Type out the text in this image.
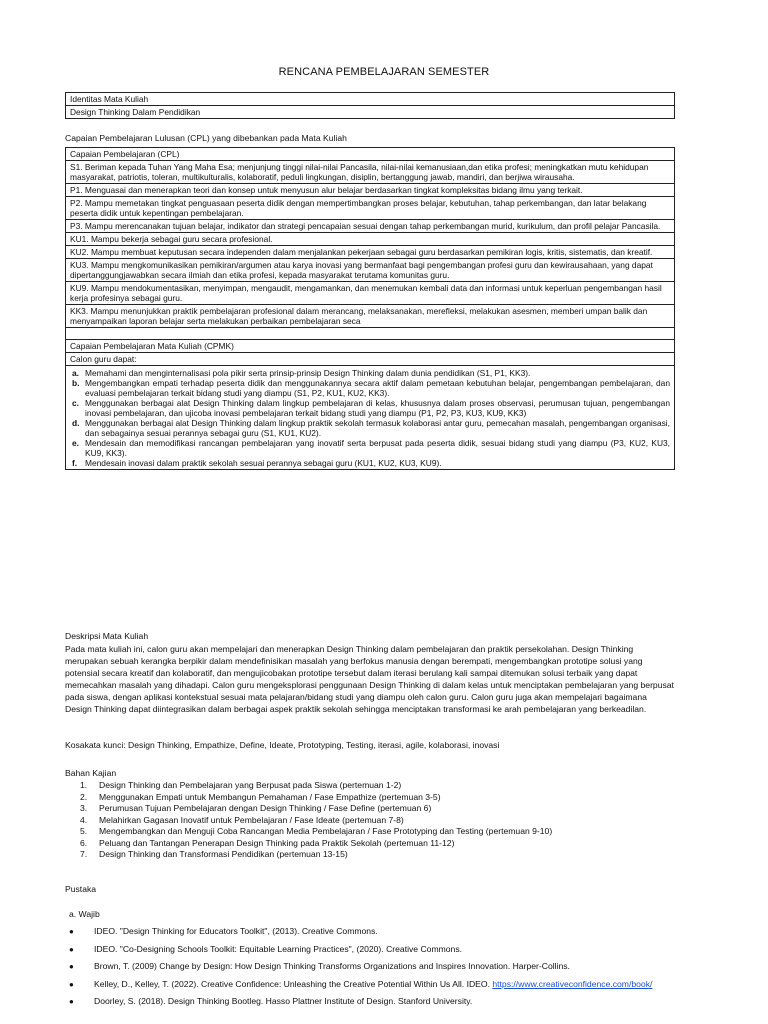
RENCANA PEMBELAJARAN SEMESTER
Identitas Mata Kuliah
Design Thinking Dalam Pendidikan
Capaian Pembelajaran Lulusan (CPL) yang dibebankan pada Mata Kuliah
Capaian Pembelajaran (CPL)
S1. Beriman kepada Tuhan Yang Maha Esa; menjunjung tinggi nilai-nilai Pancasila, nilai-nilai kemanusiaan,dan etika profesi; meningkatkan mutu kehidupan masyarakat, patriotis, toleran, multikulturalis, kolaboratif, peduli lingkungan, disiplin, bertanggung jawab, mandiri, dan berjiwa wirausaha.
P1. Menguasai dan menerapkan teori dan konsep untuk menyusun alur belajar berdasarkan tingkat kompleksitas bidang ilmu yang terkait.
P2. Mampu memetakan tingkat penguasaan peserta didik dengan mempertimbangkan proses belajar, kebutuhan, tahap perkembangan, dan latar belakang peserta didik untuk kepentingan pembelajaran.
P3. Mampu merencanakan tujuan belajar, indikator dan strategi pencapaian sesuai dengan tahap perkembangan murid, kurikulum, dan profil pelajar Pancasila.
KU1. Mampu bekerja sebagai guru secara profesional.
KU2. Mampu membuat keputusan secara independen dalam menjalankan pekerjaan sebagai guru berdasarkan pemikiran logis, kritis, sistematis, dan kreatif.
KU3. Mampu mengkomunikasikan pemikiran/argumen atau karya inovasi yang bermanfaat bagi pengembangan profesi guru dan kewirausahaan, yang dapat dipertanggungjawabkan secara ilmiah dan etika profesi, kepada masyarakat terutama komunitas guru.
KU9. Mampu mendokumentasikan, menyimpan, mengaudit, mengamankan, dan menemukan kembali data dan informasi untuk keperluan pengembangan hasil kerja profesinya sebagai guru.
KK3. Mampu menunjukkan praktik pembelajaran profesional dalam merancang, melaksanakan, merefleksi, melakukan asesmen, memberi umpan balik dan menyampaikan laporan belajar serta melakukan perbaikan pembelajaran seca
Capaian Pembelajaran Mata Kuliah (CPMK)
Calon guru dapat:
a. Memahami dan menginternalisasi pola pikir serta prinsip-prinsip Design Thinking dalam dunia pendidikan (S1, P1, KK3).
b. Mengembangkan empati terhadap peserta didik dan menggunakannya secara aktif dalam pemetaan kebutuhan belajar, pengembangan pembelajaran, dan evaluasi pembelajaran terkait bidang studi yang diampu (S1, P2, KU1, KU2, KK3).
c. Menggunakan berbagai alat Design Thinking dalam lingkup pembelajaran di kelas, khususnya dalam proses observasi, perumusan tujuan, pengembangan inovasi pembelajaran, dan ujicoba inovasi pembelajaran terkait bidang studi yang diampu (P1, P2, P3, KU3, KU9, KK3)
d. Menggunakan berbagai alat Design Thinking dalam lingkup praktik sekolah termasuk kolaborasi antar guru, pemecahan masalah, pengembangan organisasi, dan sebagainya sesuai perannya sebagai guru (S1, KU1, KU2).
e. Mendesain dan memodifikasi rancangan pembelajaran yang inovatif serta berpusat pada peserta didik, sesuai bidang studi yang diampu (P3, KU2, KU3, KU9, KK3).
f. Mendesain inovasi dalam praktik sekolah sesuai perannya sebagai guru (KU1, KU2, KU3, KU9).
Deskripsi Mata Kuliah
Pada mata kuliah ini, calon guru akan mempelajari dan menerapkan Design Thinking dalam pembelajaran dan praktik persekolahan. Design Thinking merupakan sebuah kerangka berpikir dalam mendefinisikan masalah yang berfokus manusia dengan berempati, mengembangkan prototipe solusi yang potensial secara kreatif dan kolaboratif, dan mengujicobakan prototipe tersebut dalam iterasi berulang kali sampai ditemukan solusi terbaik yang dapat memecahkan masalah yang dihadapi. Calon guru mengeksplorasi penggunaan Design Thinking di dalam kelas untuk menciptakan pembelajaran yang berpusat pada siswa, dengan aplikasi kontekstual sesuai mata pelajaran/bidang studi yang diampu oleh calon guru. Calon guru juga akan mempelajari bagaimana Design Thinking dapat diintegrasikan dalam berbagai aspek praktik sekolah sehingga menciptakan transformasi ke arah pembelajaran yang berkeadilan.
Kosakata kunci: Design Thinking, Empathize, Define, Ideate, Prototyping, Testing, iterasi, agile, kolaborasi, inovasi
Bahan Kajian
1.	Design Thinking dan Pembelajaran yang Berpusat pada Siswa (pertemuan 1-2)
2.	Menggunakan Empati untuk Membangun Pemahaman / Fase Empathize (pertemuan 3-5)
3.	Perumusan Tujuan Pembelajaran dengan Design Thinking / Fase Define (pertemuan 6)
4.	Melahirkan Gagasan Inovatif untuk Pembelajaran / Fase Ideate (pertemuan 7-8)
5.	Mengembangkan dan Menguji Coba Rancangan Media Pembelajaran / Fase Prototyping dan Testing (pertemuan 9-10)
6.	Peluang dan Tantangan Penerapan Design Thinking pada Praktik Sekolah (pertemuan 11-12)
7.	Design Thinking dan Transformasi Pendidikan (pertemuan 13-15)
Pustaka
a. Wajib
●	IDEO. "Design Thinking for Educators Toolkit", (2013). Creative Commons.
●	IDEO. "Co-Designing Schools Toolkit: Equitable Learning Practices", (2020). Creative Commons.
●	Brown, T. (2009) Change by Design: How Design Thinking Transforms Organizations and Inspires Innovation. Harper-Collins.
●	Kelley, D., Kelley, T. (2022). Creative Confidence: Unleashing the Creative Potential Within Us All. IDEO. https://www.creativeconfidence.com/book/
●	Doorley, S. (2018). Design Thinking Bootleg. Hasso Plattner Institute of Design. Stanford University.
